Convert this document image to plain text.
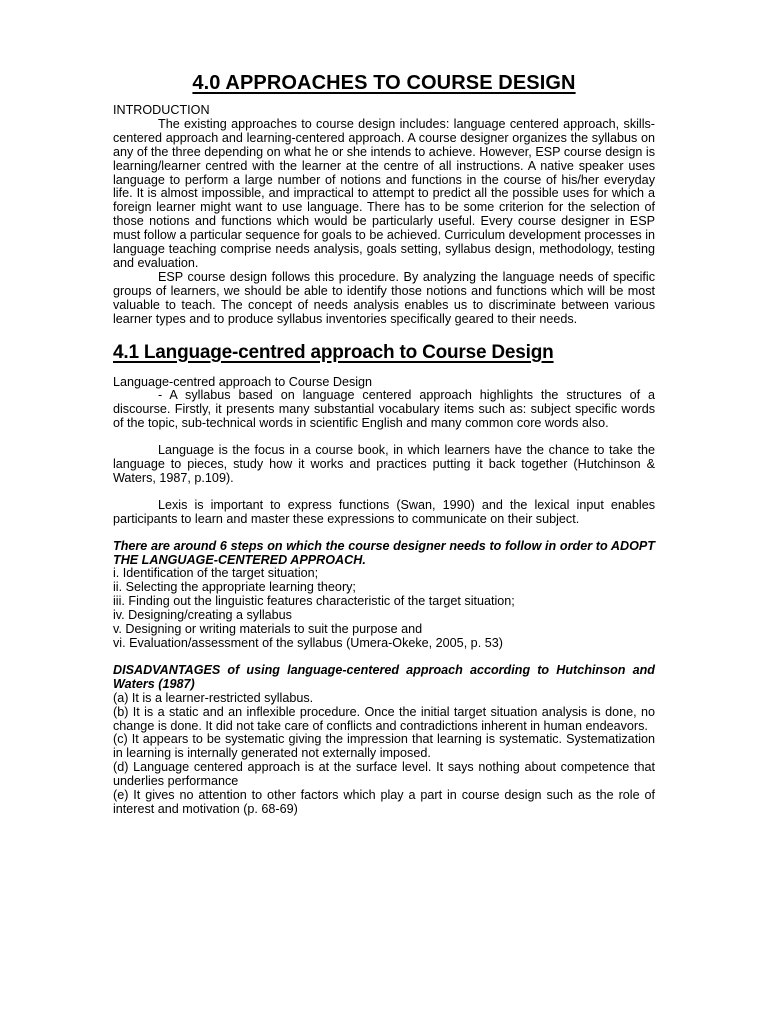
4.0 APPROACHES TO COURSE DESIGN

INTRODUCTION

The existing approaches to course design includes: language centered approach, skills-centered approach and learning-centered approach. A course designer organizes the syllabus on any of the three depending on what he or she intends to achieve. However, ESP course design is learning/learner centred with the learner at the centre of all instructions. A native speaker uses language to perform a large number of notions and functions in the course of his/her everyday life. It is almost impossible, and impractical to attempt to predict all the possible uses for which a foreign learner might want to use language. There has to be some criterion for the selection of those notions and functions which would be particularly useful. Every course designer in ESP must follow a particular sequence for goals to be achieved. Curriculum development processes in language teaching comprise needs analysis, goals setting, syllabus design, methodology, testing and evaluation.

ESP course design follows this procedure. By analyzing the language needs of specific groups of learners, we should be able to identify those notions and functions which will be most valuable to teach. The concept of needs analysis enables us to discriminate between various learner types and to produce syllabus inventories specifically geared to their needs.

4.1 Language-centred approach to Course Design

Language-centred approach to Course Design

- A syllabus based on language centered approach highlights the structures of a discourse. Firstly, it presents many substantial vocabulary items such as: subject specific words of the topic, sub-technical words in scientific English and many common core words also.

Language is the focus in a course book, in which learners have the chance to take the language to pieces, study how it works and practices putting it back together (Hutchinson & Waters, 1987, p.109).

Lexis is important to express functions (Swan, 1990) and the lexical input enables participants to learn and master these expressions to communicate on their subject.

There are around 6 steps on which the course designer needs to follow in order to ADOPT THE LANGUAGE-CENTERED APPROACH.

i. Identification of the target situation;

ii. Selecting the appropriate learning theory;

iii. Finding out the linguistic features characteristic of the target situation;

iv. Designing/creating a syllabus

v. Designing or writing materials to suit the purpose and

vi. Evaluation/assessment of the syllabus (Umera-Okeke, 2005, p. 53)

DISADVANTAGES of using language-centered approach according to Hutchinson and Waters (1987)

(a) It is a learner-restricted syllabus.

(b) It is a static and an inflexible procedure. Once the initial target situation analysis is done, no change is done. It did not take care of conflicts and contradictions inherent in human endeavors.

(c) It appears to be systematic giving the impression that learning is systematic. Systematization in learning is internally generated not externally imposed.

(d) Language centered approach is at the surface level. It says nothing about competence that underlies performance

(e) It gives no attention to other factors which play a part in course design such as the role of interest and motivation (p. 68-69)
